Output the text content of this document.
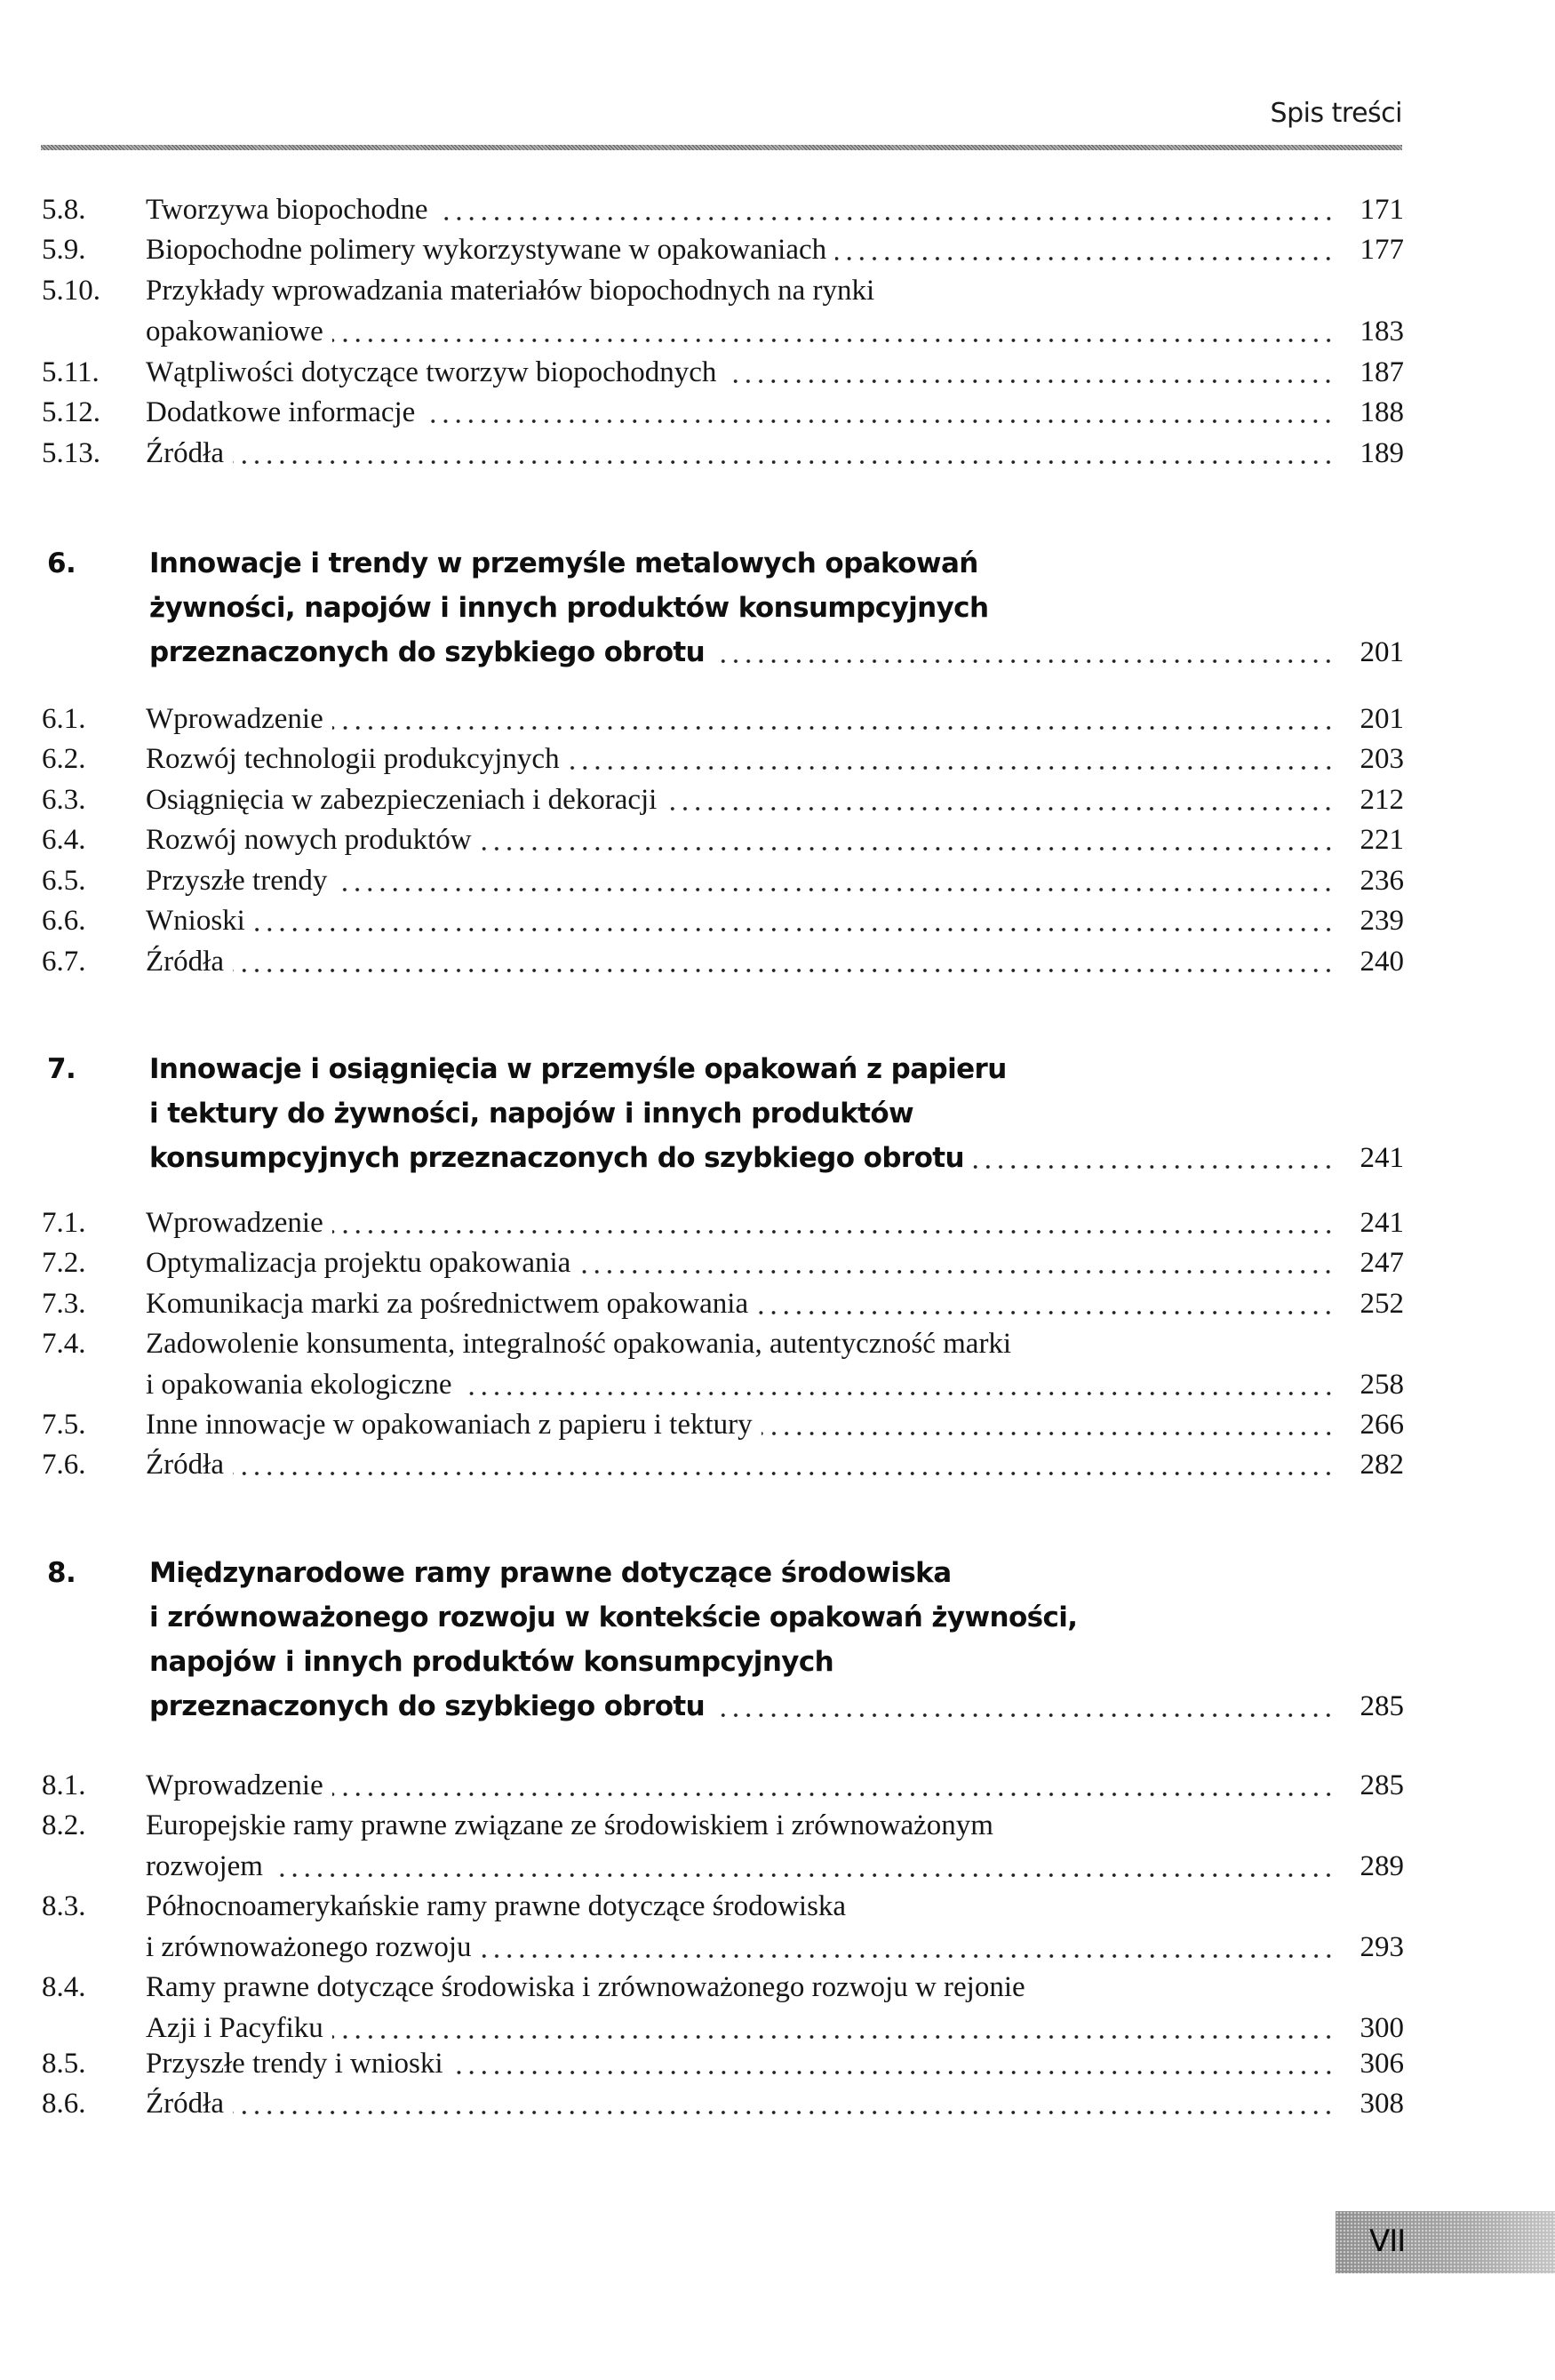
Spis treści
5.8. Tworzywa biopochodne	171
5.9. Biopochodne polimery wykorzystywane w opakowaniach	177
5.10. Przykłady wprowadzania materiałów biopochodnych na rynki
opakowaniowe	183
5.11. Wątpliwości dotyczące tworzyw biopochodnych	187
5.12. Dodatkowe informacje	188
5.13. Źródła	189
6.	Innowacje i trendy w przemyśle metalowych opakowań
żywności, napojów i innych produktów konsumpcyjnych
przeznaczonych do szybkiego obrotu	201
6.1. Wprowadzenie	201
6.2. Rozwój technologii produkcyjnych	203
6.3. Osiągnięcia w zabezpieczeniach i dekoracji	212
6.4. Rozwój nowych produktów	221
6.5. Przyszłe trendy	236
6.6. Wnioski	239
6.7. Źródła	240
7.	Innowacje i osiągnięcia w przemyśle opakowań z papieru
i tektury do żywności, napojów i innych produktów
konsumpcyjnych przeznaczonych do szybkiego obrotu	241
7.1. Wprowadzenie	241
7.2. Optymalizacja projektu opakowania	247
7.3. Komunikacja marki za pośrednictwem opakowania	252
7.4. Zadowolenie konsumenta, integralność opakowania, autentyczność marki
i opakowania ekologiczne	258
7.5. Inne innowacje w opakowaniach z papieru i tektury	266
7.6. Źródła	282
8.	Międzynarodowe ramy prawne dotyczące środowiska
i zrównoważonego rozwoju w kontekście opakowań żywności,
napojów i innych produktów konsumpcyjnych
przeznaczonych do szybkiego obrotu	285
8.1. Wprowadzenie	285
8.2. Europejskie ramy prawne związane ze środowiskiem i zrównoważonym
rozwojem	289
8.3. Północnoamerykańskie ramy prawne dotyczące środowiska
i zrównoważonego rozwoju	293
8.4. Ramy prawne dotyczące środowiska i zrównoważonego rozwoju w rejonie
Azji i Pacyfiku	300
8.5. Przyszłe trendy i wnioski	306
8.6. Źródła	308
VII
